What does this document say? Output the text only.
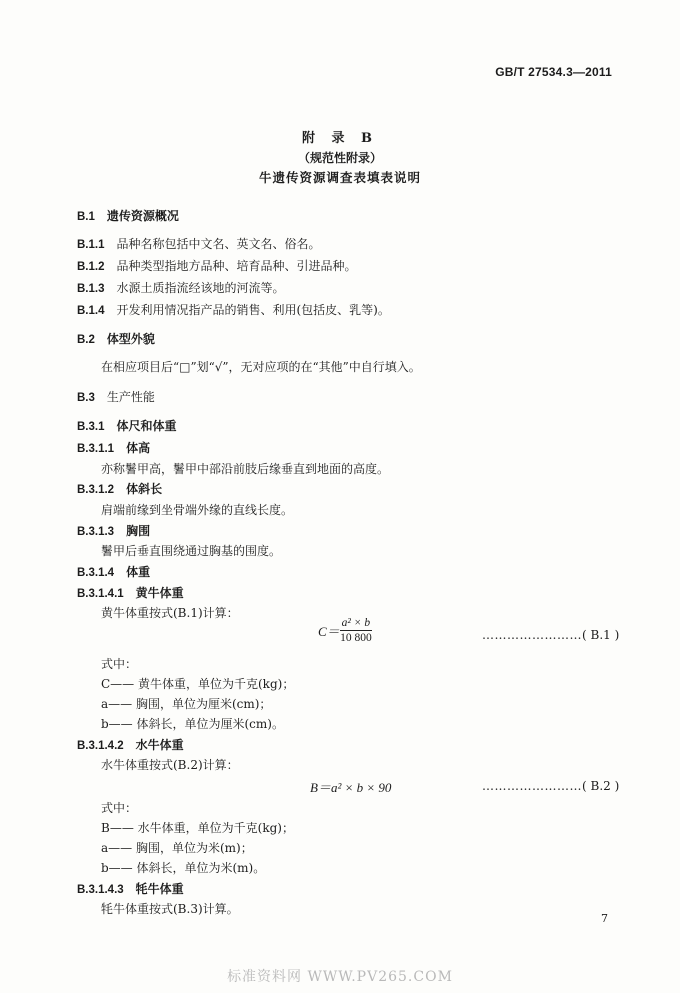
GB/T 27534.3—2011
附 录 B
（规范性附录）
牛遗传资源调查表填表说明
B.1 遗传资源概况
B.1.1 品种名称包括中文名、英文名、俗名。
B.1.2 品种类型指地方品种、培育品种、引进品种。
B.1.3 水源土质指流经该地的河流等。
B.1.4 开发利用情况指产品的销售、利用(包括皮、乳等)。
B.2 体型外貌
在相应项目后“□”划“√”，无对应项的在“其他”中自行填入。
B.3 生产性能
B.3.1 体尺和体重
B.3.1.1 体高
亦称鬐甲高，鬐甲中部沿前肢后缘垂直到地面的高度。
B.3.1.2 体斜长
肩端前缘到坐骨端外缘的直线长度。
B.3.1.3 胸围
鬐甲后垂直围绕通过胸基的围度。
B.3.1.4 体重
B.3.1.4.1 黄牛体重
黄牛体重按式(B.1)计算：
$C= \frac{\text{a² × b}}{10 800}$	……………………( B.1 )
式中：
C—— 黄牛体重，单位为千克(kg)；
a—— 胸围，单位为厘米(cm)；
b—— 体斜长，单位为厘米(cm)。
B.3.1.4.2 水牛体重
水牛体重按式(B.2)计算：
B＝a² × b × 90	……………………( B.2 )
式中：
B—— 水牛体重，单位为千克(kg)；
a—— 胸围，单位为米(m)；
b—— 体斜长，单位为米(m)。
B.3.1.4.3 牦牛体重
牦牛体重按式(B.3)计算。
7
标准资料网 WWW.PV265.COM
